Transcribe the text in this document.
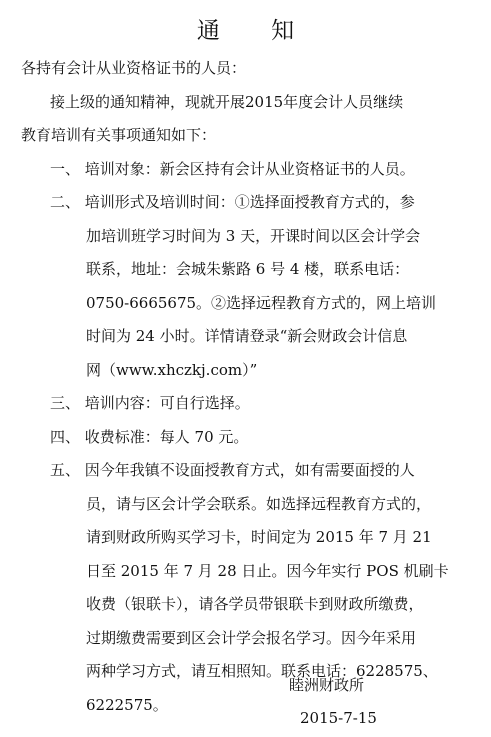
通 知
各持有会计从业资格证书的人员：
接上级的通知精神，现就开展2015年度会计人员继续
教育培训有关事项通知如下：
一、 培训对象：新会区持有会计从业资格证书的人员。
二、 培训形式及培训时间：①选择面授教育方式的，参
加培训班学习时间为 3 天，开课时间以区会计学会
联系，地址：会城朱紫路 6 号 4 楼，联系电话：
0750-6665675。②选择远程教育方式的，网上培训
时间为 24 小时。详情请登录“新会财政会计信息
网（www.xhczkj.com）”
三、 培训内容：可自行选择。
四、 收费标准：每人 70 元。
五、 因今年我镇不设面授教育方式，如有需要面授的人
员，请与区会计学会联系。如选择远程教育方式的，
请到财政所购买学习卡，时间定为 2015 年 7 月 21
日至 2015 年 7 月 28 日止。因今年实行 POS 机刷卡
收费（银联卡），请各学员带银联卡到财政所缴费，
过期缴费需要到区会计学会报名学习。因今年采用
两种学习方式，请互相照知。联系电话：6228575、
6222575。
睦洲财政所
2015-7-15
